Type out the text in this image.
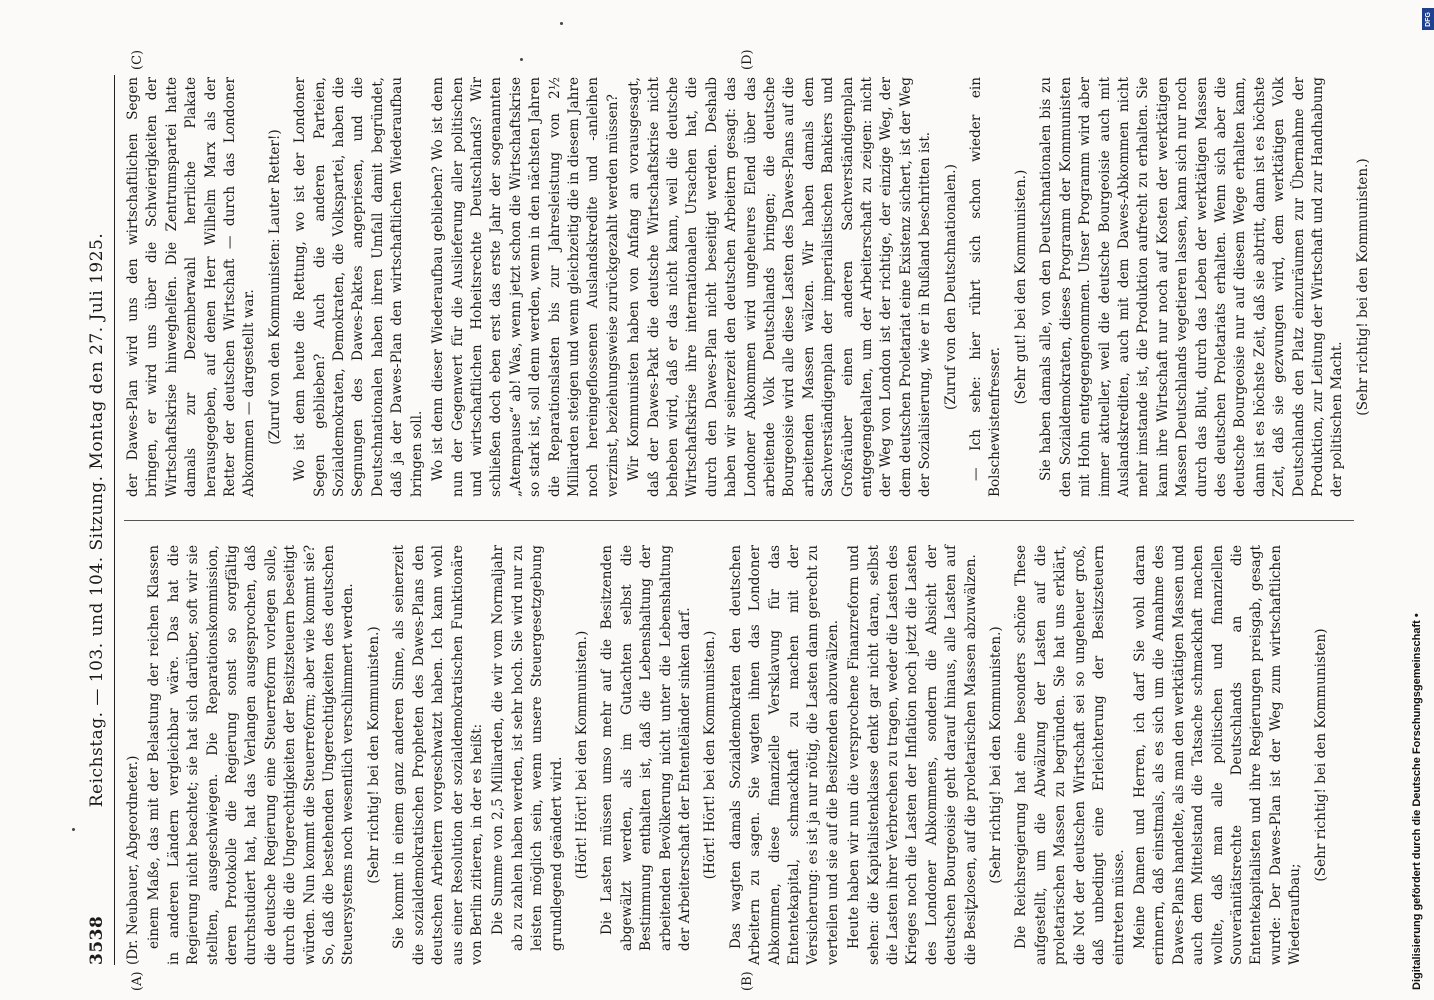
3538
Reichstag. — 103. und 104. Sitzung. Montag den 27. Juli 1925.
(A)	(B)
(C)	(D)

(Dr. Neubauer, Abgeordneter.) einem Maße, das mit der Belastung der reichen Klassen in anderen Ländern vergleichbar wäre. Das hat die Regierung nicht beachtet; sie hat sich darüber, soft wir sie stellten, ausgeschwiegen. Die Reparationskommission, deren Protokolle die Regierung sonst so sorgfältig durchstudiert hat, hat das Verlangen ausgesprochen, daß die deutsche Regierung eine Steuerreform vorlegen solle, durch die die Ungerechtigkeiten der Besitzsteuern beseitigt würden. Nun kommt die Steuerreform; aber wie kommt sie? So, daß die bestehenden Ungerechtigkeiten des deutschen Steuersystems noch wesentlich verschlimmert werden. (Sehr richtig! bei den Kommunisten.) Sie kommt in einem ganz anderen Sinne, als seinerzeit die sozialdemokratischen Propheten des Dawes-Plans den deutschen Arbeitern vorgeschwatzt haben. Ich kann wohl aus einer Resolution der sozialdemokratischen Funktionäre von Berlin zitieren, in der es heißt: Die Summe von 2,5 Milliarden, die wir vom Normaljahr ab zu zahlen haben werden, ist sehr hoch. Sie wird nur zu leisten möglich sein, wenn unsere Steuergesetzgebung grundlegend geändert wird. (Hört! Hört! bei den Kommunisten.) Die Lasten müssen umso mehr auf die Besitzenden abgewälzt werden, als im Gutachten selbst die Bestimmung enthalten ist, daß die Lebenshaltung der arbeitenden Bevölkerung nicht unter die Lebenshaltung der Arbeiterschaft der Ententeländer sinken darf. (Hört! Hört! bei den Kommunisten.) Das wagten damals Sozialdemokraten den deutschen Arbeitern zu sagen. Sie wagten ihnen das Londoner Abkommen, diese finanzielle Versklavung für das Ententekapital, schmackhaft zu machen mit der Versicherung: es ist ja nur nötig, die Lasten dann gerecht zu verteilen und sie auf die Besitzenden abzuwälzen. Heute haben wir nun die versprochene Finanzreform und sehen: die Kapitalistenklasse denkt gar nicht daran, selbst die Lasten ihrer Verbrechen zu tragen, weder die Lasten des Krieges noch die Lasten der Inflation noch jetzt die Lasten des Londoner Abkommens, sondern die Absicht der deutschen Bourgeoisie geht darauf hinaus, alle Lasten auf die Besitzlosen, auf die proletarischen Massen abzuwälzen. (Sehr richtig! bei den Kommunisten.) Die Reichsregierung hat eine besonders schöne These aufgestellt, um die Abwälzung der Lasten auf die proletarischen Massen zu begründen. Sie hat uns erklärt, die Not der deutschen Wirtschaft sei so ungeheuer groß, daß unbedingt eine Erleichterung der Besitzsteuern eintreten müsse. Meine Damen und Herren, ich darf Sie wohl daran erinnern, daß einstmals, als es sich um die Annahme des Dawes-Plans handelte, als man den werktätigen Massen und auch dem Mittelstand die Tatsache schmackhaft machen wollte, daß man alle politischen und finanziellen Souveränitätsrechte Deutschlands an die Ententekapitalisten und ihre Regierungen preisgab, gesagt wurde: Der Dawes-Plan ist der Weg zum wirtschaftlichen Wiederaufbau;

(Sehr richtig! bei den Kommunisten)

der Dawes-Plan wird uns den wirtschaftlichen Segen bringen, er wird uns über die Schwierigkeiten der Wirtschaftskrise hinweghelfen. Die Zentrumspartei hatte damals zur Dezemberwahl herrliche Plakate herausgegeben, auf denen Herr Wilhelm Marx als der Retter der deutschen Wirtschaft — durch das Londoner Abkommen — dargestellt war. (Zuruf von den Kommunisten: Lauter Retter!) Wo ist denn heute die Rettung, wo ist der Londoner Segen geblieben? Auch die anderen Parteien, Sozialdemokraten, Demokraten, die Volkspartei, haben die Segnungen des Dawes-Paktes angepriesen, und die Deutschnationalen haben ihren Umfall damit begründet, daß ja der Dawes-Plan den wirtschaftlichen Wiederaufbau bringen soll. Wo ist denn dieser Wiederaufbau geblieben? Wo ist denn nun der Gegenwert für die Auslieferung aller politischen und wirtschaftlichen Hoheitsrechte Deutschlands? Wir schließen doch eben erst das erste Jahr der sogenannten „Atempause“ ab! Was, wenn jetzt schon die Wirtschaftskrise so stark ist, soll denn werden, wenn in den nächsten Jahren die Reparationslasten bis zur Jahresleistung von 2½ Milliarden steigen und wenn gleichzeitig die in diesem Jahre noch hereingeflossenen Auslandskredite und -anleihen verzinst, beziehungsweise zurückgezahlt werden müssen? Wir Kommunisten haben von Anfang an vorausgesagt, daß der Dawes-Pakt die deutsche Wirtschaftskrise nicht beheben wird, daß er das nicht kann, weil die deutsche Wirtschaftskrise ihre internationalen Ursachen hat, die durch den Dawes-Plan nicht beseitigt werden. Deshalb haben wir seinerzeit den deutschen Arbeitern gesagt: das Londoner Abkommen wird ungeheures Elend über das arbeitende Volk Deutschlands bringen; die deutsche Bourgeoisie wird alle diese Lasten des Dawes-Plans auf die arbeitenden Massen wälzen. Wir haben damals dem Sachverständigenplan der imperialistischen Bankiers und Großräuber einen anderen Sachverständigenplan entgegengehalten, um der Arbeiterschaft zu zeigen: nicht der Weg von London ist der richtige, der einzige Weg, der dem deutschen Proletariat eine Existenz sichert, ist der Weg der Sozialisierung, wie er in Rußland beschritten ist. (Zuruf von den Deutschnationalen.) — Ich sehe: hier rührt sich schon wieder ein Bolschewistenfresser.

(Sehr gut! bei den Kommunisten.) Sie haben damals alle, von den Deutschnationalen bis zu den Sozialdemokraten, dieses Programm der Kommunisten mit Hohn entgegengenommen. Unser Programm wird aber immer aktueller, weil die deutsche Bourgeoisie auch mit Auslandskrediten, auch mit dem Dawes-Abkommen nicht mehr imstande ist, die Produktion aufrecht zu erhalten. Sie kann ihre Wirtschaft nur noch auf Kosten der werktätigen Massen Deutschlands vegetieren lassen, kann sich nur noch durch das Blut, durch das Leben der werktätigen Massen des deutschen Proletariats erhalten. Wenn sich aber die deutsche Bourgeoisie nur auf diesem Wege erhalten kann, dann ist es höchste Zeit, daß sie abtritt, dann ist es höchste Zeit, daß sie gezwungen wird, dem werktätigen Volk Deutschlands den Platz einzuräumen zur Übernahme der Produktion, zur Leitung der Wirtschaft und zur Handhabung der politischen Macht.

(Sehr richtig! bei den Kommunisten.)

DFG
Digitalisierung gefördert durch die Deutsche Forschungsgemeinschaft •
